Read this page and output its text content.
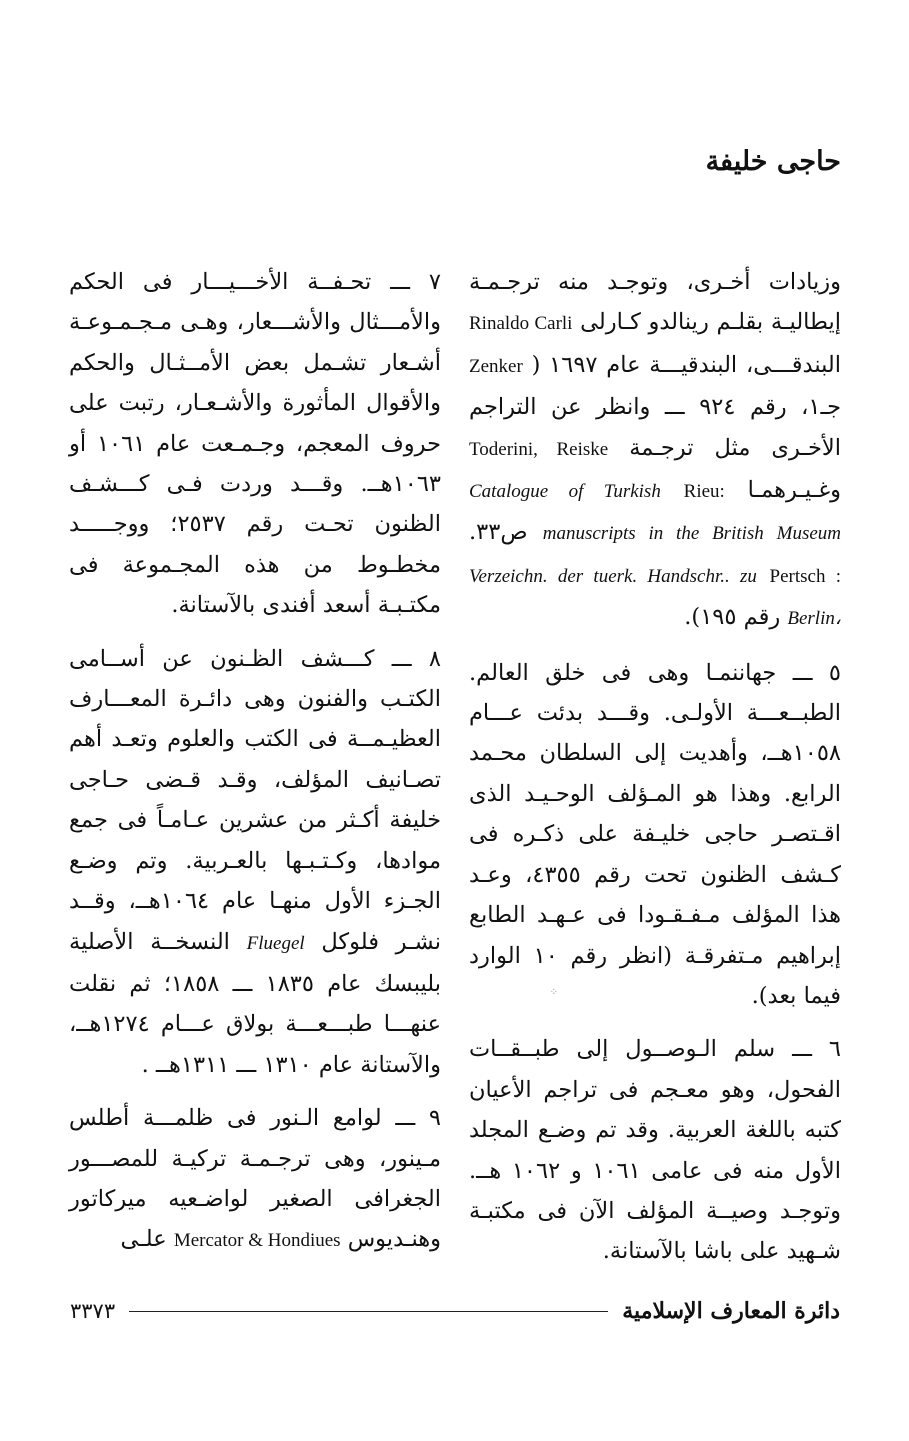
حاجى خليفة

وزيادات أخـرى، وتوجـد منه ترجـمـة إيطاليـة بقلـم رينالدو كـارلى Rinaldo Carli البندقـــى، البندقيـــة عام ١٦٩٧ ( Zenker جـ١، رقم ٩٢٤ ـــ وانظر عن التراجم الأخـرى مثل ترجـمة Toderini, Reiske وغـيـرهمـا Rieu: Catalogue of Turkish manuscripts in the British Museum ص٣٣. Pertsch : Verzeichn. der tuerk. Handschr.. zu Berlin، رقم ١٩٥).

٥ ـــ جهاننمـا وهى فى خلق العالم. الطبــعـــة الأولـى. وقـــد بدئت عـــام ١٠٥٨هــ، وأهديت إلى السلطان محـمد الرابع. وهذا هو المـؤلف الوحـيـد الذى اقـتصـر حاجى خليـفة على ذكـره فى كـشف الظنون تحت رقم ٤٣٥٥، وعـد هذا المؤلف مـفـقـودا فى عـهـد الطابع إبراهيم مـتفرقـة (انظر رقم ١٠ الوارد فيما بعد).

٦ ـــ سلم الـوصــول إلى طبــقــات الفحول، وهو معـجم فى تراجم الأعيان كتبه باللغة العربية. وقد تم وضـع المجلد الأول منه فى عامى ١٠٦١ و ١٠٦٢ هــ. وتوجـد وصيــة المؤلف الآن فى مكتبـة شـهيد على باشا بالآستانة.

٧ ـــ تحـفــة الأخـــيـــار فى الحكم والأمـــثال والأشـــعار، وهـى مـجـمـوعـة أشـعار تشـمل بعض الأمــثـال والحكم والأقوال المأثورة والأشـعـار، رتبت على حروف المعجم، وجـمـعت عام ١٠٦١ أو ١٠٦٣هــ. وقـــد وردت فـى كـــشـف الظنون تحـت رقم ٢٥٣٧؛ ووجـــــد مخطـوط من هذه المجـموعة فى مكتـبـة أسعد أفندى بالآستانة.

٨ ـــ كـــشف الظـنون عن أســامى الكتـب والفنون وهى دائـرة المعـــارف العظيـمــة فى الكتب والعلوم وتعـد أهم تصـانيف المؤلف، وقـد قـضى حـاجى خليفة أكـثر من عشرين عـامـاً فى جمع موادها، وكـتـبـها بالعـربية. وتم وضـع الجـزء الأول منهـا عام ١٠٦٤هــ، وقــد نشـر فلوكل Fluegel النسخــة الأصلية بليبسك عام ١٨٣٥ ـــ ١٨٥٨؛ ثم نقلت عنهـــا طبـــعـــة بولاق عـــام ١٢٧٤هــ، والآستانة عام ١٣١٠ ـــ ١٣١١هــ .

٩ ـــ لوامع الـنور فى ظلمـــة أطلس مـينور، وهى ترجـمـة تركيـة للمصـــور الجغرافى الصغير لواضـعيه ميركاتور وهنـديوس Mercator & Hondiues علـى

⁘
دائرة المعارف الإسلامية
٣٣٧٣
